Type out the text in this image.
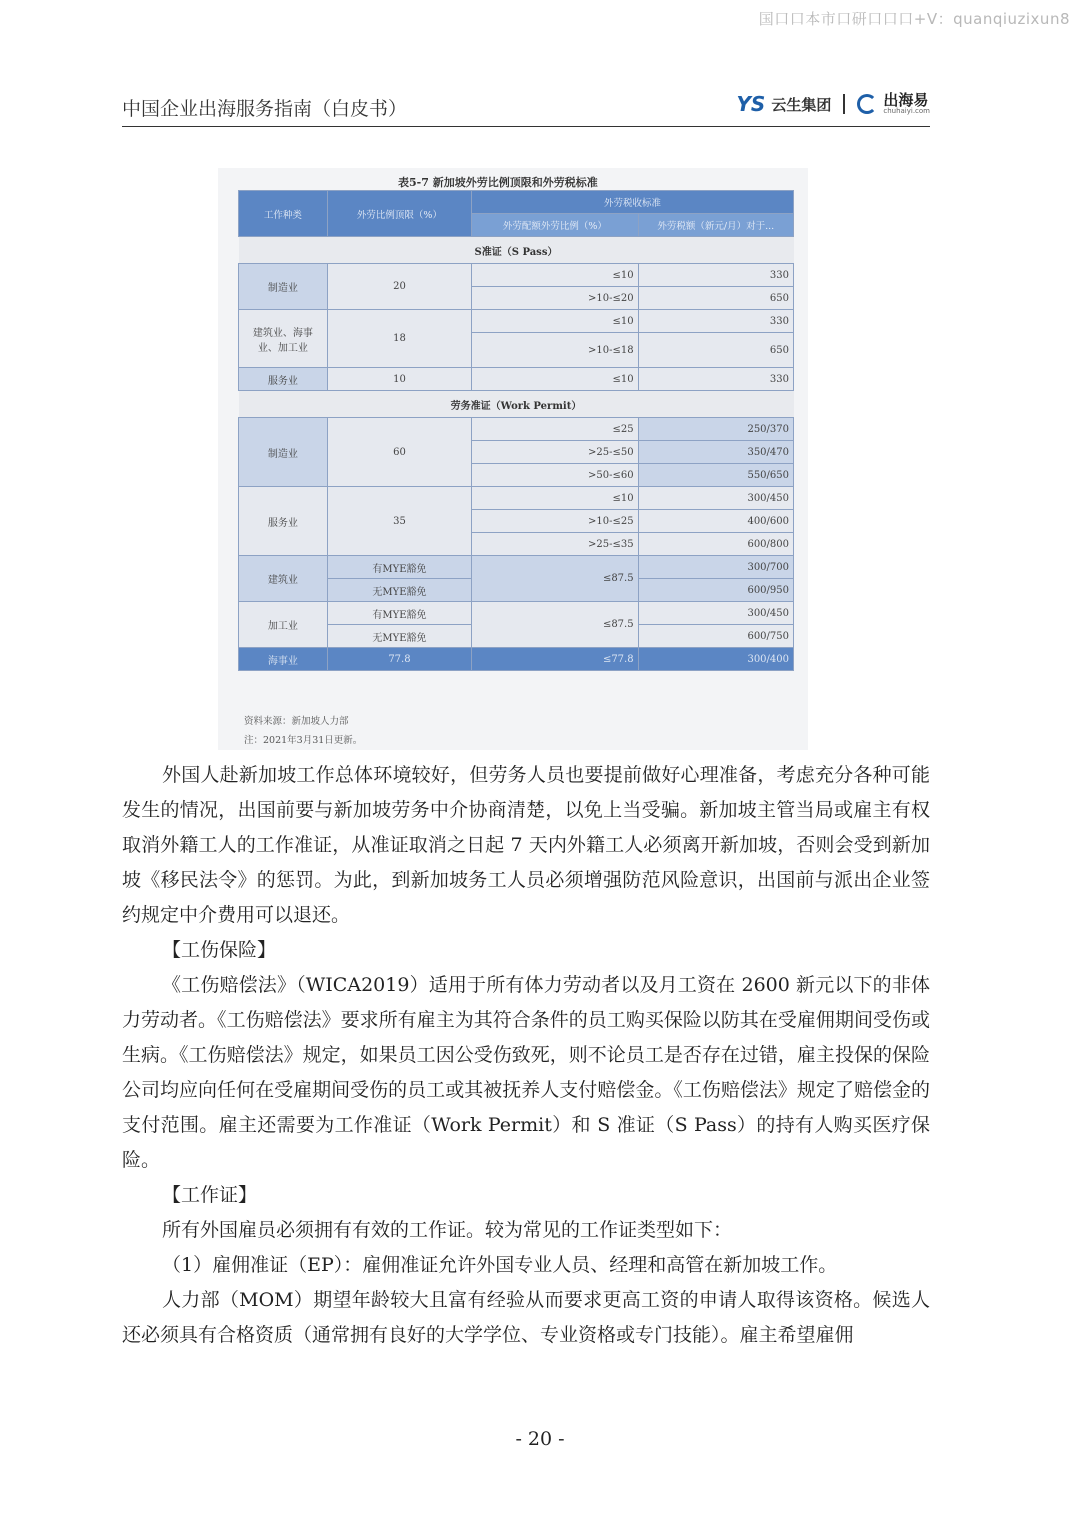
国口口本市口研口口口+V：quanqiuzixun8
中国企业出海服务指南（白皮书）	YS 云生集团	出海易
chuhaiyi.com
表5-7 新加坡外劳比例顶限和外劳税标准
工作种类	外劳比例顶限（%）	外劳税收标准	
		外劳配额外劳比例（%）	外劳税额（新元/月）对于...
S准证（S Pass）			
制造业	20	≤10	330
		>10-≤20	650
建筑业、海事业、加工业	18	≤10	330
		>10-≤18	650
服务业	10	≤10	330
劳务准证（Work Permit）			
制造业	60	≤25	250/370
		>25-≤50	350/470
		>50-≤60	550/650
服务业	35	≤10	300/450
		>10-≤25	400/600
		>25-≤35	600/800
建筑业	有MYE豁免	≤87.5	300/700
	无MYE豁免		600/950
加工业	有MYE豁免	≤87.5	300/450
	无MYE豁免		600/750
海事业	77.8	≤77.8	300/400
资料来源：新加坡人力部
注：2021年3月31日更新。

外国人赴新加坡工作总体环境较好，但劳务人员也要提前做好心理准备，考虑充分各种可能发生的情况，出国前要与新加坡劳务中介协商清楚，以免上当受骗。新加坡主管当局或雇主有权取消外籍工人的工作准证，从准证取消之日起 7 天内外籍工人必须离开新加坡，否则会受到新加坡《移民法令》的惩罚。为此，到新加坡务工人员必须增强防范风险意识，出国前与派出企业签约规定中介费用可以退还。

【工伤保险】

《工伤赔偿法》（WICA2019）适用于所有体力劳动者以及月工资在 2600 新元以下的非体力劳动者。《工伤赔偿法》要求所有雇主为其符合条件的员工购买保险以防其在受雇佣期间受伤或生病。《工伤赔偿法》规定，如果员工因公受伤致死，则不论员工是否存在过错，雇主投保的保险公司均应向任何在受雇期间受伤的员工或其被抚养人支付赔偿金。《工伤赔偿法》规定了赔偿金的支付范围。雇主还需要为工作准证（Work Permit）和 S 准证（S Pass）的持有人购买医疗保险。

【工作证】

所有外国雇员必须拥有有效的工作证。较为常见的工作证类型如下：

（1）雇佣准证（EP）：雇佣准证允许外国专业人员、经理和高管在新加坡工作。

人力部（MOM）期望年龄较大且富有经验从而要求更高工资的申请人取得该资格。候选人还必须具有合格资质（通常拥有良好的大学学位、专业资格或专门技能）。雇主希望雇佣

- 20 -
